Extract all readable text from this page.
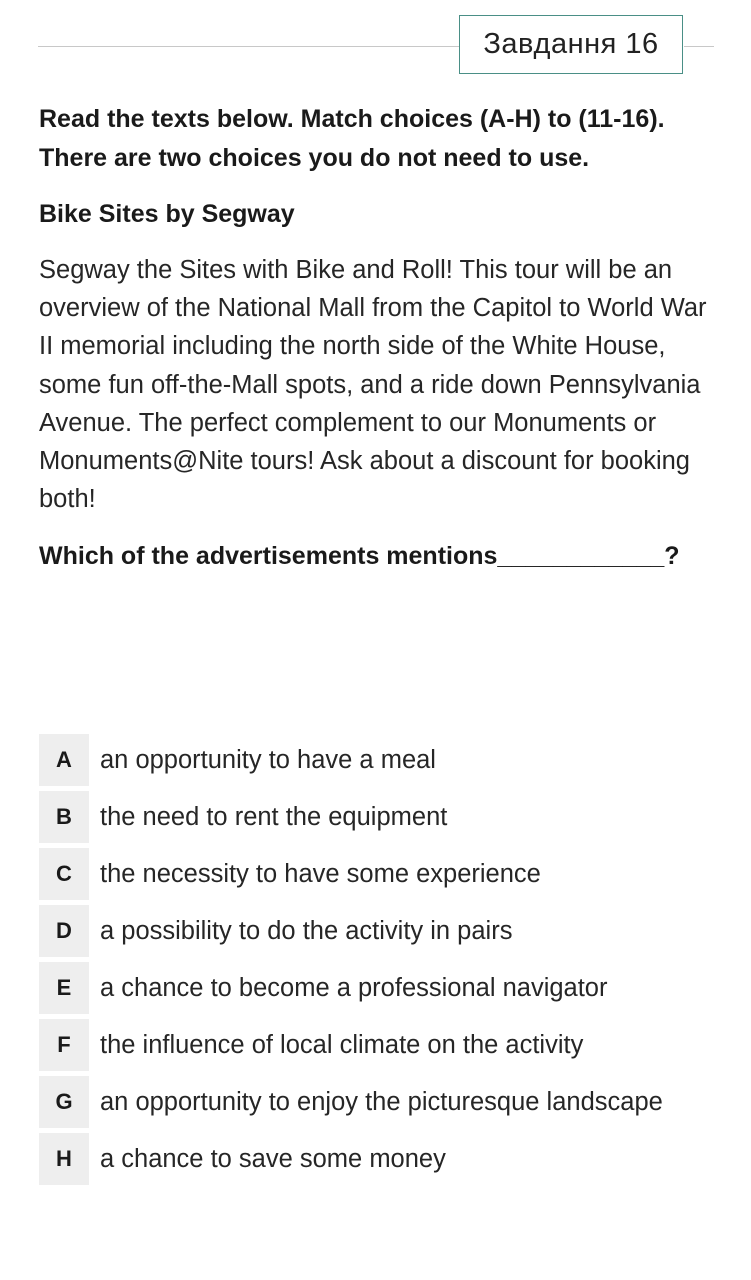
Завдання 16

Read the texts below. Match choices (A-H) to (11-16). There are two choices you do not need to use.

Bike Sites by Segway

Segway the Sites with Bike and Roll! This tour will be an overview of the National Mall from the Capitol to World War II memorial including the north side of the White House, some fun off-the-Mall spots, and a ride down Pennsylvania Avenue. The perfect complement to our Monuments or Monuments@Nite tours! Ask about a discount for booking both!

Which of the advertisements mentions____________?

A	an opportunity to have a meal
B	the need to rent the equipment
C	the necessity to have some experience
D	a possibility to do the activity in pairs
E	a chance to become a professional navigator
F	the influence of local climate on the activity
G	an opportunity to enjoy the picturesque landscape
H	a chance to save some money
